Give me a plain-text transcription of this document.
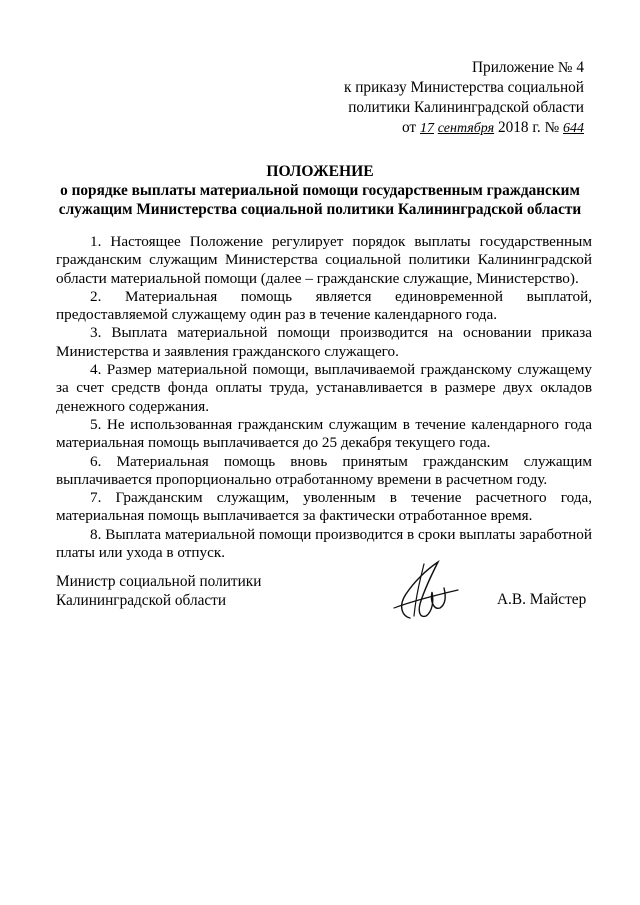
Приложение № 4
к приказу Министерства социальной
политики Калининградской области
от 17 сентября 2018 г. № 644
ПОЛОЖЕНИЕ
о порядке выплаты материальной помощи государственным гражданским
служащим Министерства социальной политики Калининградской области

1. Настоящее Положение регулирует порядок выплаты государственным гражданским служащим Министерства социальной политики Калининградской области материальной помощи (далее – гражданские служащие, Министерство).

2. Материальная помощь является единовременной выплатой, предоставляемой служащему один раз в течение календарного года.

3. Выплата материальной помощи производится на основании приказа Министерства и заявления гражданского служащего.

4. Размер материальной помощи, выплачиваемой гражданскому служащему за счет средств фонда оплаты труда, устанавливается в размере двух окладов денежного содержания.

5. Не использованная гражданским служащим в течение календарного года материальная помощь выплачивается до 25 декабря текущего года.

6. Материальная помощь вновь принятым гражданским служащим выплачивается пропорционально отработанному времени в расчетном году.

7. Гражданским служащим, уволенным в течение расчетного года, материальная помощь выплачивается за фактически отработанное время.

8. Выплата материальной помощи производится в сроки выплаты заработной платы или ухода в отпуск.

Министр социальной политики
Калининградской области	А.В. Майстер
